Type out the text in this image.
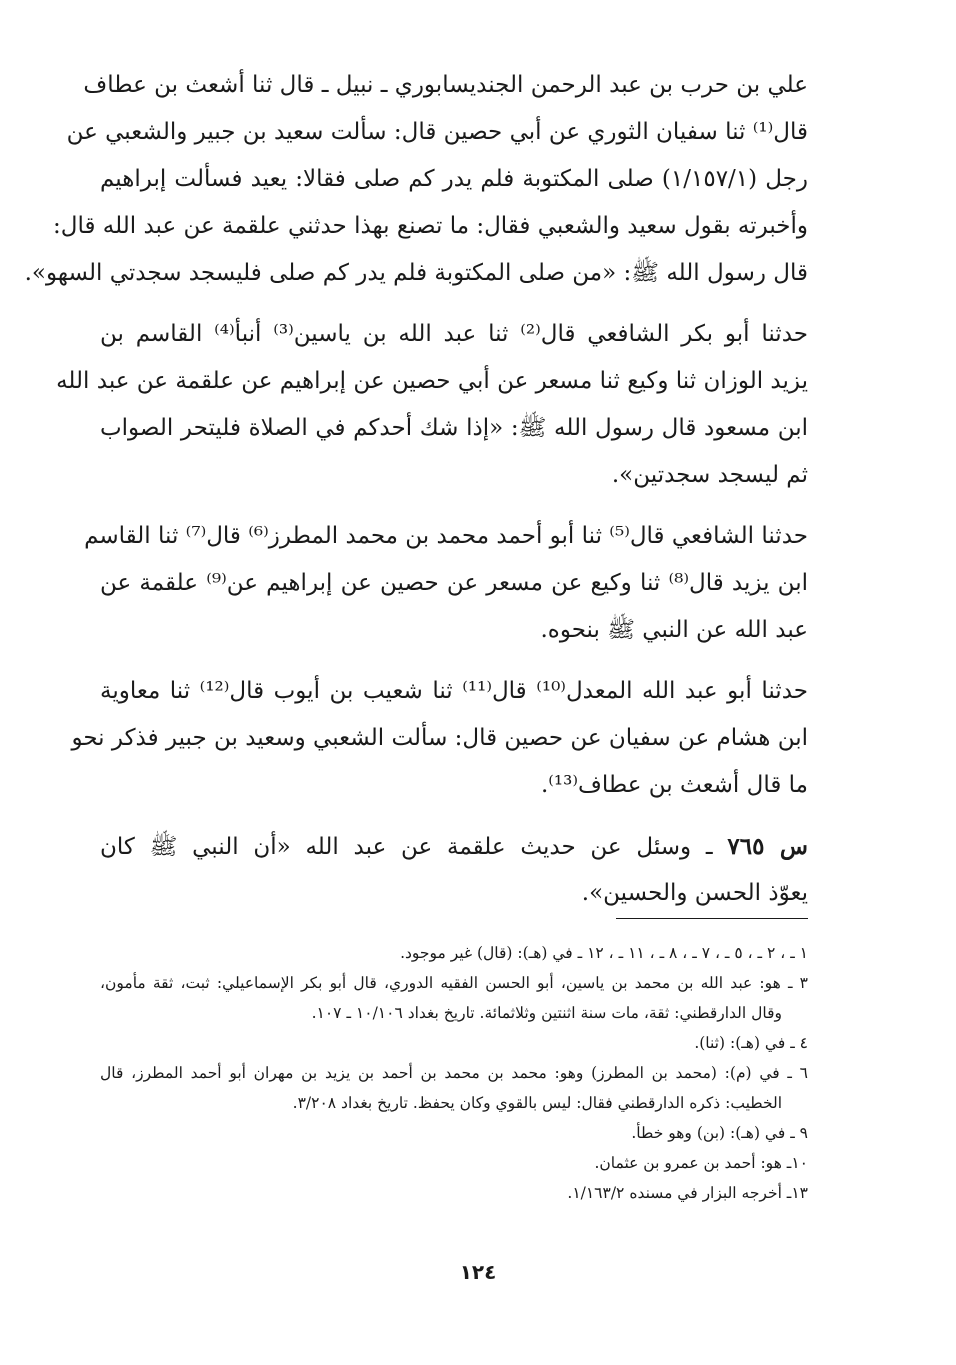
علي بن حرب بن عبد الرحمن الجنديسابوري ـ نبيل ـ قال ثنا أشعث بن عطاف
قال⁽¹⁾ ثنا سفيان الثوري عن أبي حصين قال: سألت سعيد بن جبير والشعبي عن
رجل (١/١٥٧/١) صلى المكتوبة فلم يدر كم صلى فقالا: يعيد فسألت إبراهيم
وأخبرته بقول سعيد والشعبي فقال: ما تصنع بهذا حدثني علقمة عن عبد الله قال:
قال رسول الله ﷺ: «من صلى المكتوبة فلم يدر كم صلى فليسجد سجدتي السهو».
حدثنا أبو بكر الشافعي قال⁽²⁾ ثنا عبد الله بن ياسين⁽³⁾ أنبأ⁽⁴⁾ القاسم بن
يزيد الوزان ثنا وكيع ثنا مسعر عن أبي حصين عن إبراهيم عن علقمة عن عبد الله
ابن مسعود قال رسول الله ﷺ: «إذا شك أحدكم في الصلاة فليتحر الصواب
ثم ليسجد سجدتين».
حدثنا الشافعي قال⁽⁵⁾ ثنا أبو أحمد محمد بن محمد المطرز⁽⁶⁾ قال⁽⁷⁾ ثنا القاسم
ابن يزيد قال⁽⁸⁾ ثنا وكيع عن مسعر عن حصين عن إبراهيم عن⁽⁹⁾ علقمة عن
عبد الله عن النبي ﷺ بنحوه.
حدثنا أبو عبد الله المعدل⁽¹⁰⁾ قال⁽¹¹⁾ ثنا شعيب بن أيوب قال⁽¹²⁾ ثنا معاوية
ابن هشام عن سفيان عن حصين قال: سألت الشعبي وسعيد بن جبير فذكر نحو
ما قال أشعث بن عطاف⁽¹³⁾.
س ٧٦٥ ـ وسئل عن حديث علقمة عن عبد الله «أن النبي ﷺ كان
يعوّذ الحسن والحسين».
١ ـ ، ٢ ـ ، ٥ ـ ، ٧ ـ ، ٨ ـ ، ١١ ـ ، ١٢ ـ في (هـ): (قال) غير موجود.
٣ ـ هو: عبد الله بن محمد بن ياسين، أبو الحسن الفقيه الدوري، قال أبو بكر الإسماعيلي: ثبت، ثقة مأمون،
وقال الدارقطني: ثقة، مات سنة اثنتين وثلاثمائة. تاريخ بغداد ١٠/١٠٦ ـ ١٠٧.
٤ ـ في (هـ): (ثنا).
٦ ـ في (م): (محمد بن المطرز) وهو: محمد بن محمد بن أحمد بن يزيد بن مهران أبو أحمد المطرز، قال
الخطيب: ذكره الدارقطني فقال: ليس بالقوي وكان يحفظ. تاريخ بغداد ٣/٢٠٨.
٩ ـ في (هـ): (بن) وهو خطأ.
١٠ـ هو: أحمد بن عمرو بن عثمان.
١٣ـ أخرجه البزار في مسنده ١/١٦٣/٢.
١٢٤
